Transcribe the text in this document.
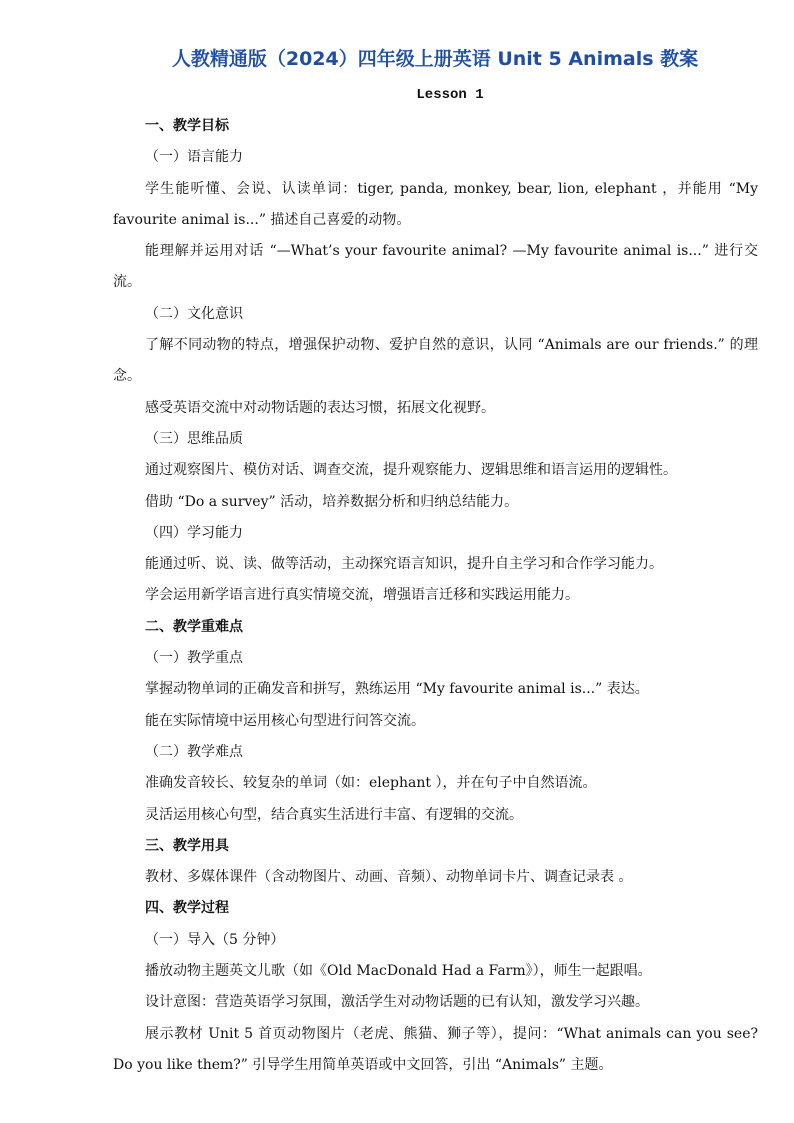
人教精通版（2024）四年级上册英语 Unit 5 Animals 教案
Lesson 1

一、教学目标

（一）语言能力

学生能听懂、会说、认读单词：tiger, panda, monkey, bear, lion, elephant ，并能用 “My favourite animal is...” 描述自己喜爱的动物。

能理解并运用对话 “—What’s your favourite animal? —My favourite animal is...” 进行交流。

（二）文化意识

了解不同动物的特点，增强保护动物、爱护自然的意识，认同 “Animals are our friends.” 的理念。

感受英语交流中对动物话题的表达习惯，拓展文化视野。

（三）思维品质

通过观察图片、模仿对话、调查交流，提升观察能力、逻辑思维和语言运用的逻辑性。

借助 “Do a survey” 活动，培养数据分析和归纳总结能力。

（四）学习能力

能通过听、说、读、做等活动，主动探究语言知识，提升自主学习和合作学习能力。

学会运用新学语言进行真实情境交流，增强语言迁移和实践运用能力。

二、教学重难点

（一）教学重点

掌握动物单词的正确发音和拼写，熟练运用 “My favourite animal is...” 表达。

能在实际情境中运用核心句型进行问答交流。

（二）教学难点

准确发音较长、较复杂的单词（如：elephant ），并在句子中自然语流。

灵活运用核心句型，结合真实生活进行丰富、有逻辑的交流。

三、教学用具

教材、多媒体课件（含动物图片、动画、音频）、动物单词卡片、调查记录表 。

四、教学过程

（一）导入（5 分钟）

播放动物主题英文儿歌（如《Old MacDonald Had a Farm》），师生一起跟唱。

设计意图：营造英语学习氛围，激活学生对动物话题的已有认知，激发学习兴趣。

展示教材 Unit 5 首页动物图片（老虎、熊猫、狮子等），提问：“What animals can you see? Do you like them?” 引导学生用简单英语或中文回答，引出 “Animals” 主题。
